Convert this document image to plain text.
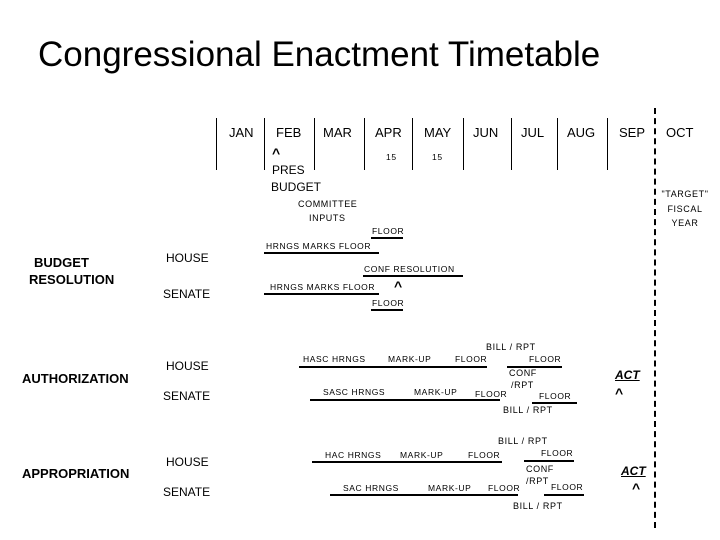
Congressional Enactment Timetable
JAN FEB MAR APR MAY JUN JUL AUG SEP OCT
15	15
^
PRES
BUDGET
COMMITTEE
INPUTS
"TARGET"
FISCAL
YEAR
BUDGET
RESOLUTION
HOUSE
SENATE
FLOOR
HRNGS MARKS FLOOR
CONF RESOLUTION
HRNGS MARKS FLOOR ^
FLOOR
AUTHORIZATION
HOUSE
SENATE
BILL / RPT
HASC HRNGS	MARK-UP	FLOOR	FLOOR
CONF
/RPT
SASC HRNGS	MARK-UP FLOOR	FLOOR
BILL / RPT
ACT
^
APPROPRIATION
HOUSE
SENATE
BILL / RPT
FLOOR
HAC HRNGS MARK-UP	FLOOR
CONF
/RPT
FLOOR
SAC HRNGS	MARK-UP FLOOR
BILL / RPT
ACT
^
